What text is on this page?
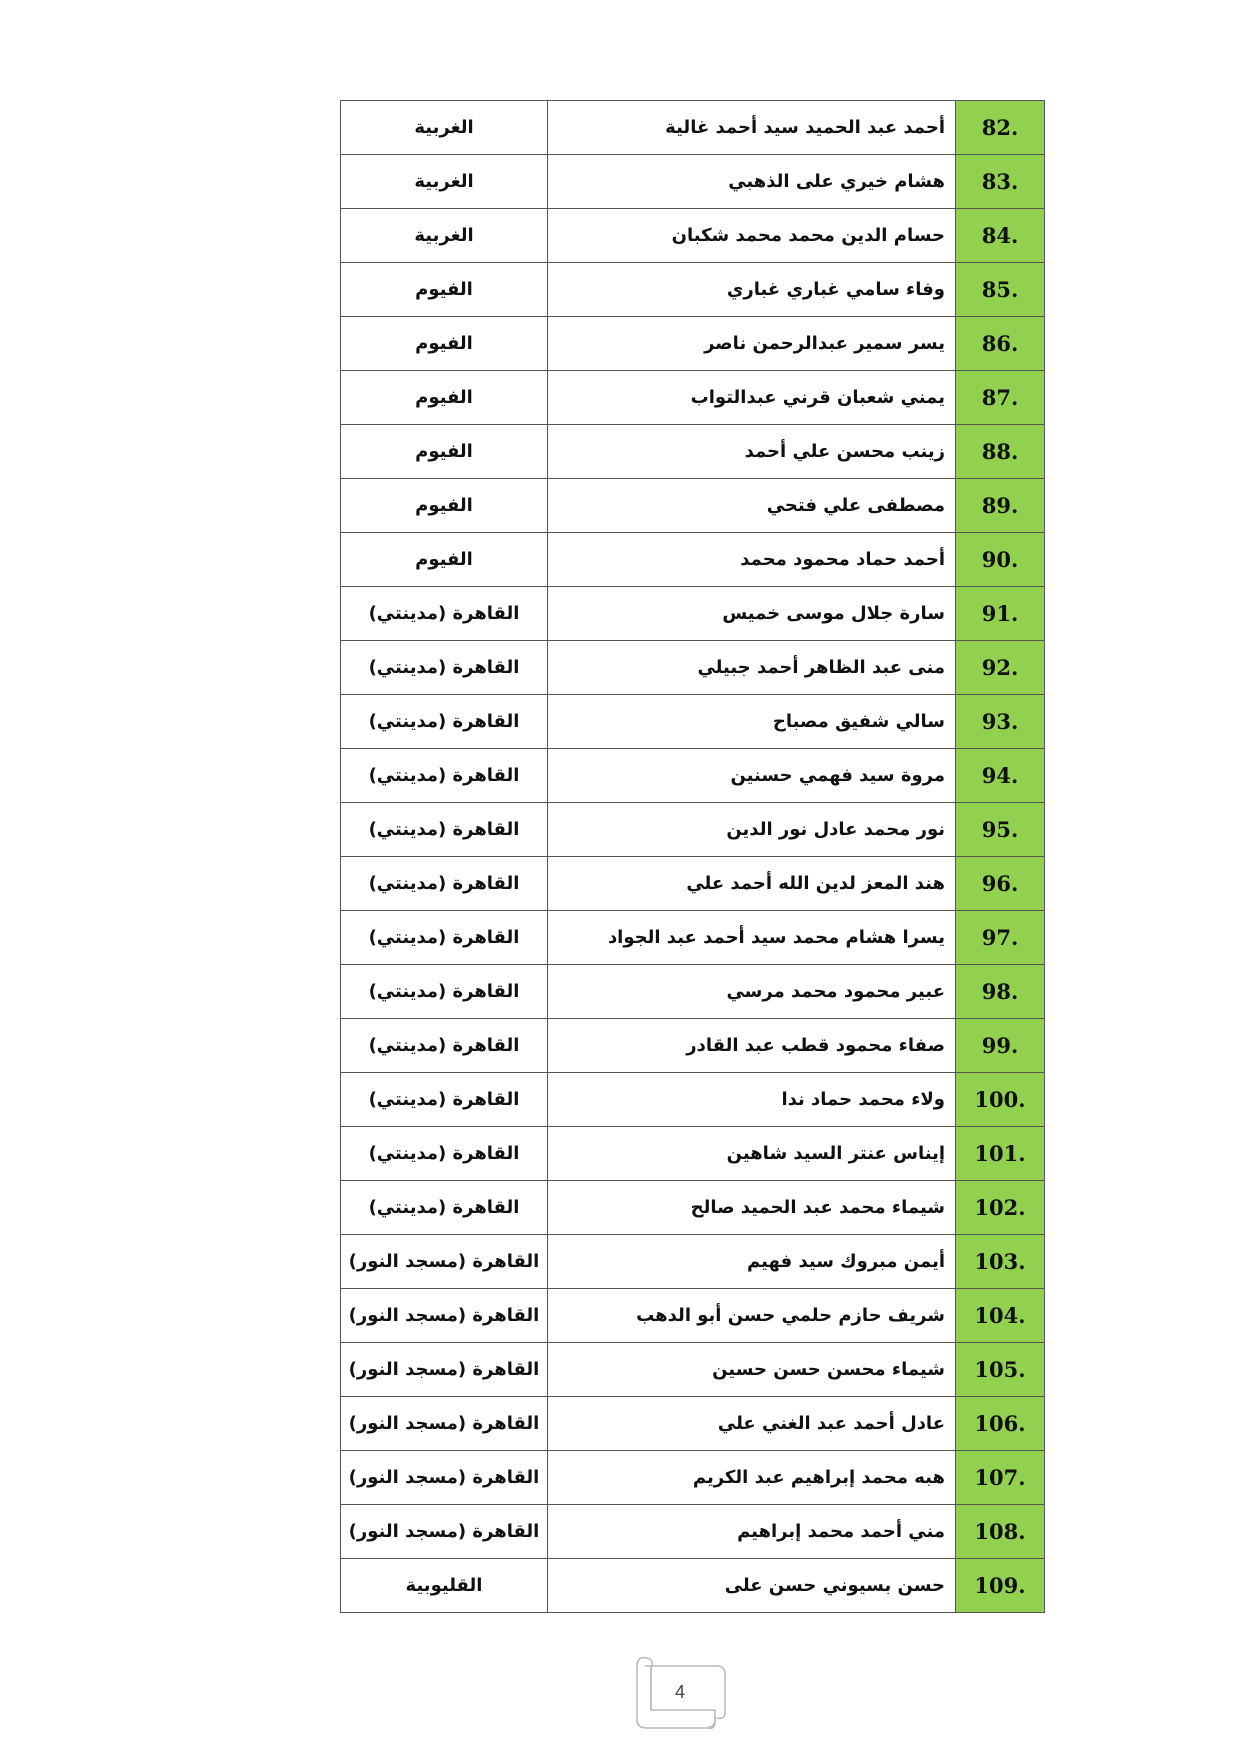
.82	أحمد عبد الحميد سيد أحمد غالية	الغربية
.83	هشام خيري على الذهبي	الغربية
.84	حسام الدين محمد محمد شكبان	الغربية
.85	وفاء سامي غباري غباري	الفيوم
.86	يسر سمير عبدالرحمن ناصر	الفيوم
.87	يمني شعبان قرني عبدالتواب	الفيوم
.88	زينب محسن علي أحمد	الفيوم
.89	مصطفى علي فتحي	الفيوم
.90	أحمد حماد محمود محمد	الفيوم
.91	سارة جلال موسى خميس	القاهرة (مدينتي)
.92	منى عبد الظاهر أحمد جبيلي	القاهرة (مدينتي)
.93	سالي شفيق مصباح	القاهرة (مدينتي)
.94	مروة سيد فهمي حسنين	القاهرة (مدينتي)
.95	نور محمد عادل نور الدين	القاهرة (مدينتي)
.96	هند المعز لدين الله أحمد علي	القاهرة (مدينتي)
.97	يسرا هشام محمد سيد أحمد عبد الجواد	القاهرة (مدينتي)
.98	عبير محمود محمد مرسي	القاهرة (مدينتي)
.99	صفاء محمود قطب عبد القادر	القاهرة (مدينتي)
.100	ولاء محمد حماد ندا	القاهرة (مدينتي)
.101	إيناس عنتر السيد شاهين	القاهرة (مدينتي)
.102	شيماء محمد عبد الحميد صالح	القاهرة (مدينتي)
.103	أيمن مبروك سيد فهيم	القاهرة (مسجد النور)
.104	شريف حازم حلمي حسن أبو الدهب	القاهرة (مسجد النور)
.105	شيماء محسن حسن حسين	القاهرة (مسجد النور)
.106	عادل أحمد عبد الغني علي	القاهرة (مسجد النور)
.107	هبه محمد إبراهيم عبد الكريم	القاهرة (مسجد النور)
.108	مني أحمد محمد إبراهيم	القاهرة (مسجد النور)
.109	حسن بسيوني حسن على	القليوبية
4
